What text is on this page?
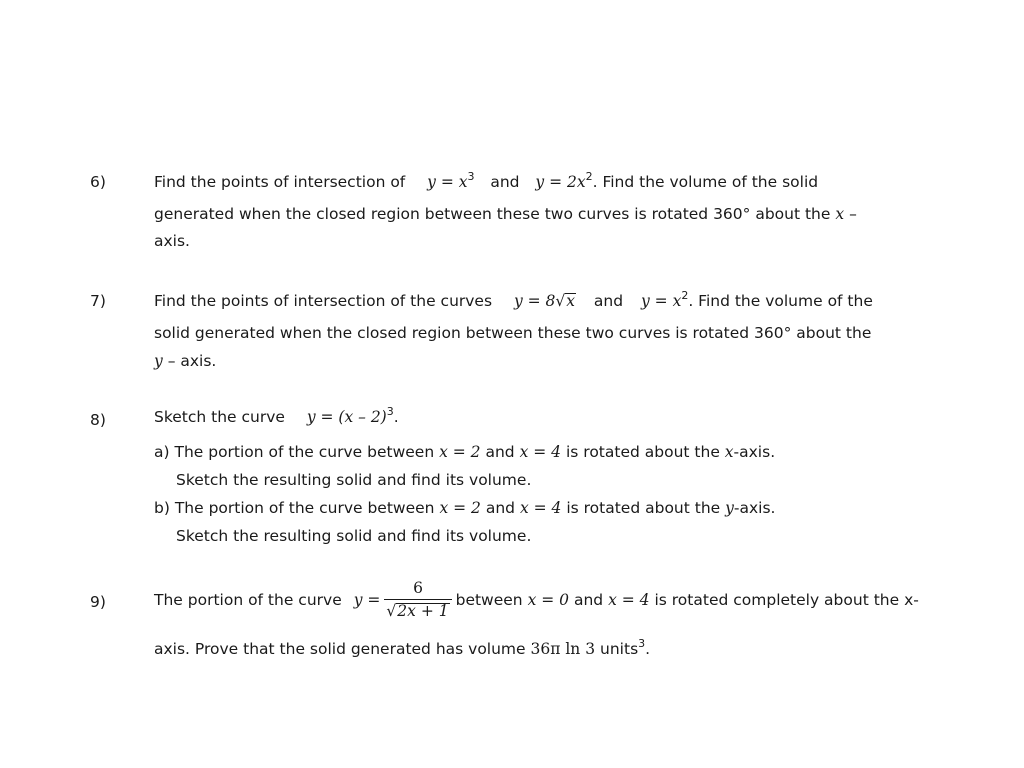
6)	Find the points of intersection of $y = x^3$ and $y = 2x^2$. Find the volume of the solid
generated when the closed region between these two curves is rotated 360° about the x –
axis.
7)	Find the points of intersection of the curves y = 8√x and $y = x^2$. Find the volume of the
solid generated when the closed region between these two curves is rotated 360° about the
y – axis.
8)	Sketch the curve y = (x – 2)$^3$.
a) The portion of the curve between x = 2 and x = 4 is rotated about the x-axis.
Sketch the resulting solid and find its volume.
b) The portion of the curve between x = 2 and x = 4 is rotated about the y-axis.
Sketch the resulting solid and find its volume.
9)	The portion of the curve $y = \frac{6}{√2x + 1}$ between
x = 0
and
x = 4
is rotated completely about the x-
axis. Prove that the solid generated has volume 36π ln 3 units$^3$.
